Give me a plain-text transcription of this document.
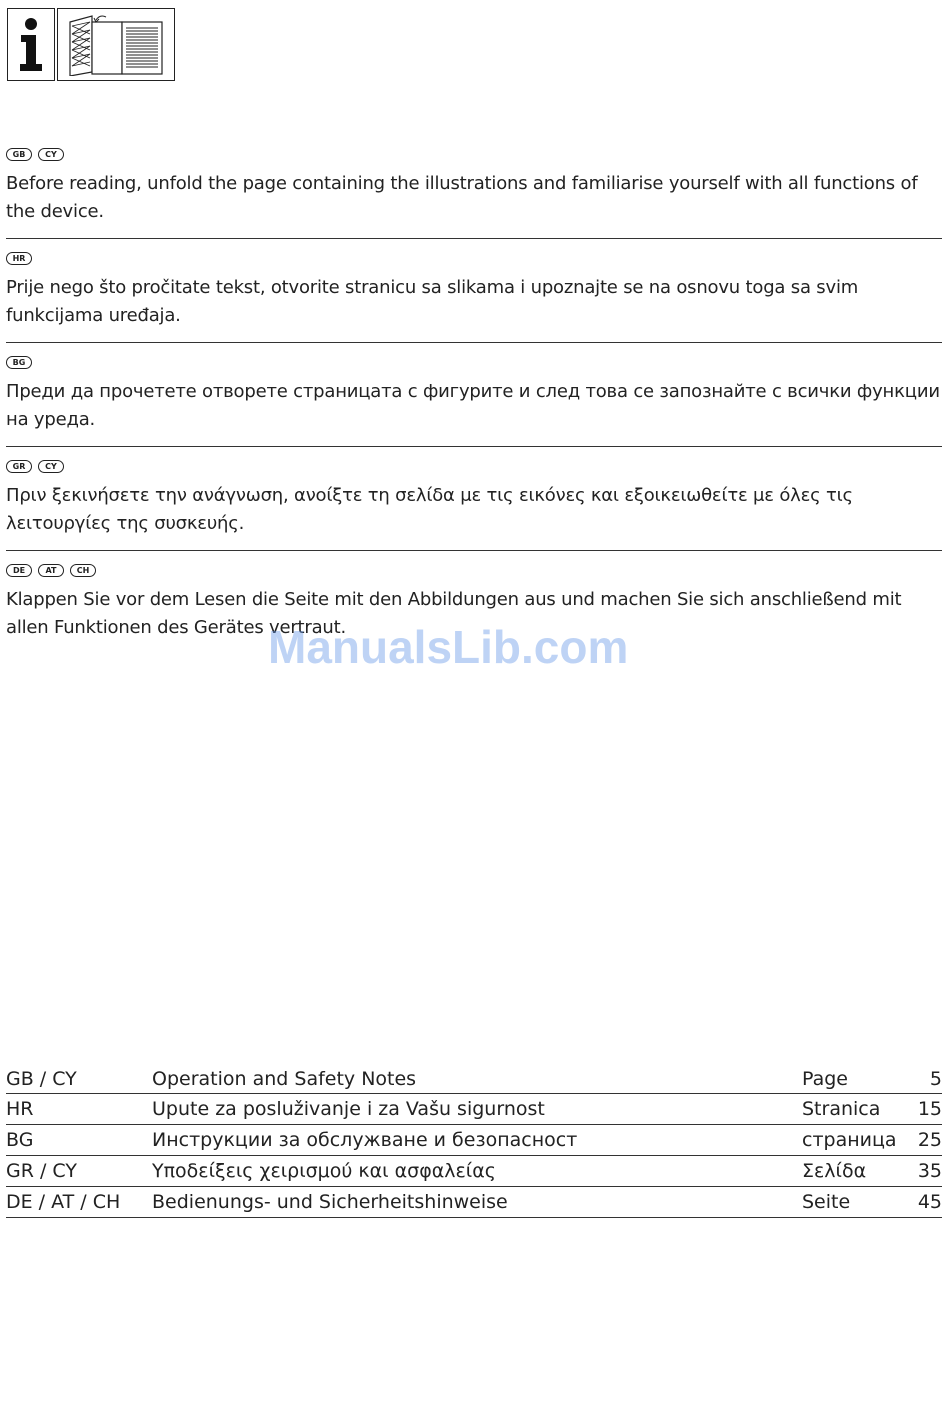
GB	CY

Before reading, unfold the page containing the illustrations and familiarise yourself with all functions of the device.

HR

Prije nego što pročitate tekst, otvorite stranicu sa slikama i upoznajte se na osnovu toga sa svim funkcijama uređaja.

BG

Преди да прочетете отворете страницата с фигурите и след това се запознайте с всички функции на уреда.

GR	CY

Πριν ξεκινήσετε την ανάγνωση, ανοίξτε τη σελίδα με τις εικόνες και εξοικειωθείτε με όλες τις λειτουργίες της συσκευής.

DE	AT	CH

Klappen Sie vor dem Lesen die Seite mit den Abbildungen aus und machen Sie sich anschließend mit allen Funktionen des Gerätes vertraut.

ManualsLib.com
GB / CY	Operation and Safety Notes	Page	5
HR	Upute za posluživanje i za Vašu sigurnost	Stranica	15
BG	Инструкции за обслужване и безопасност	страница	25
GR / CY	Υποδείξεις χειρισμού και ασφαλείας	Σελίδα	35
DE / AT / CH	Bedienungs- und Sicherheitshinweise	Seite	45
